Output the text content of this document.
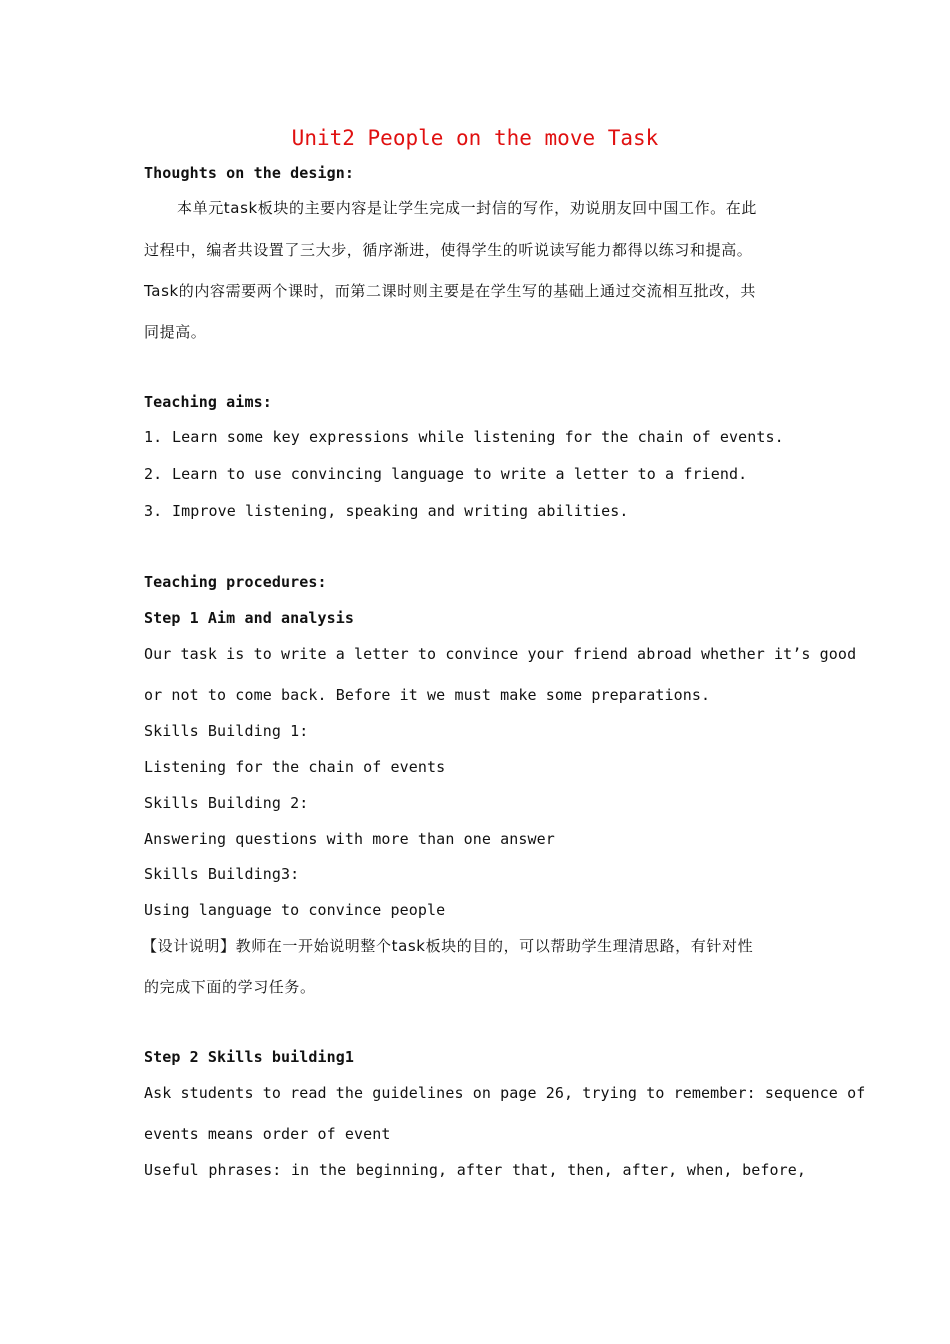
Unit2 People on the move Task
Thoughts on the design:
本单元task板块的主要内容是让学生完成一封信的写作，劝说朋友回中国工作。在此
过程中，编者共设置了三大步，循序渐进，使得学生的听说读写能力都得以练习和提高。
Task的内容需要两个课时，而第二课时则主要是在学生写的基础上通过交流相互批改，共
同提高。
Teaching aims:
1. Learn some key expressions while listening for the chain of events.
2. Learn to use convincing language to write a letter to a friend.
3. Improve listening, speaking and writing abilities.
Teaching procedures:
Step 1 Aim and analysis
Our task is to write a letter to convince your friend abroad whether it’s good
or not to come back. Before it we must make some preparations.
Skills Building 1:
Listening for the chain of events
Skills Building 2:
Answering questions with more than one answer
Skills Building3:
Using language to convince people
【设计说明】教师在一开始说明整个task板块的目的，可以帮助学生理清思路，有针对性
的完成下面的学习任务。
Step 2 Skills building1
Ask students to read the guidelines on page 26, trying to remember: sequence of
events means order of event
Useful phrases: in the beginning, after that, then, after, when, before,
